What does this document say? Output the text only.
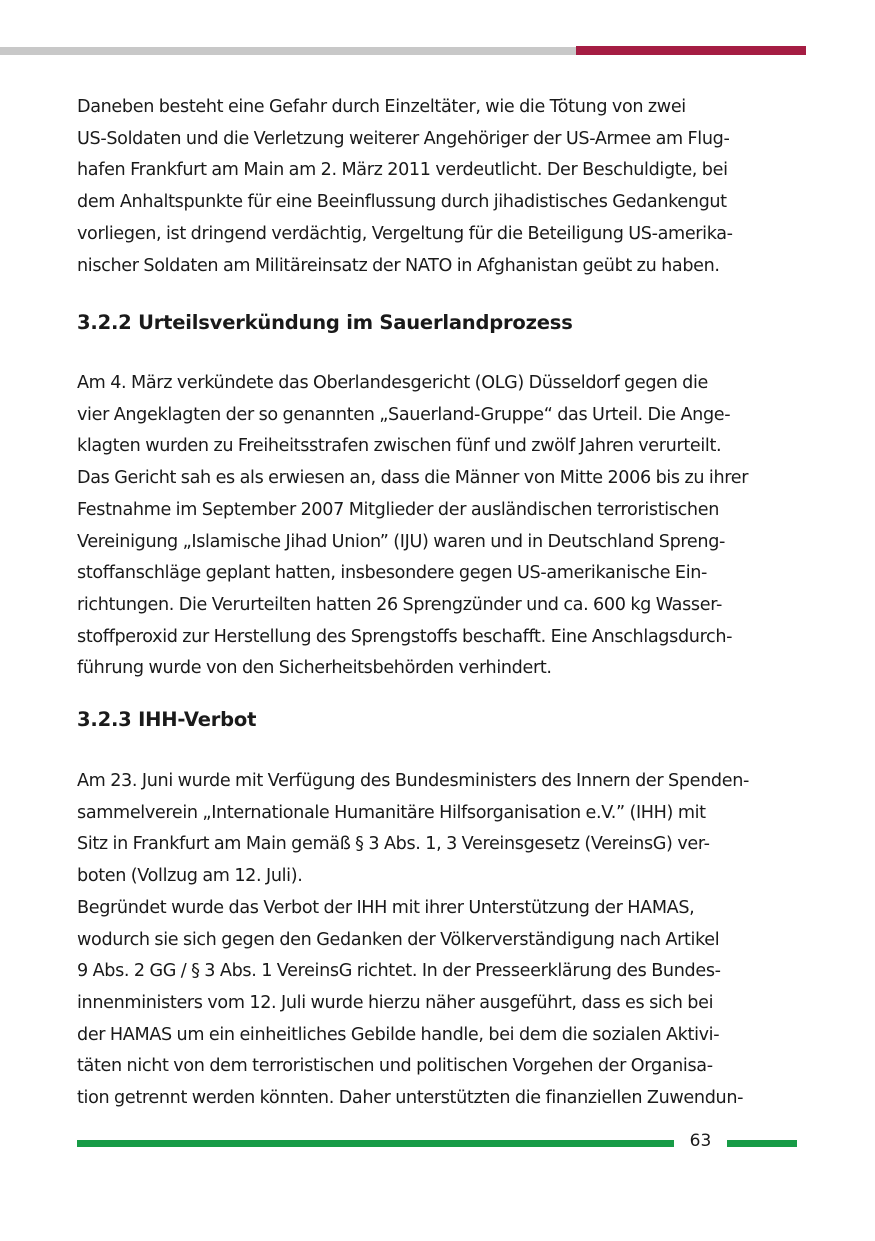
Daneben besteht eine Gefahr durch Einzeltäter, wie die Tötung von zwei
US-Soldaten und die Verletzung weiterer Angehöriger der US-Armee am Flug-
hafen Frankfurt am Main am 2. März 2011 verdeutlicht. Der Beschuldigte, bei
dem Anhaltspunkte für eine Beeinflussung durch jihadistisches Gedankengut
vorliegen, ist dringend verdächtig, Vergeltung für die Beteiligung US-amerika-
nischer Soldaten am Militäreinsatz der NATO in Afghanistan geübt zu haben.

3.2.2 Urteilsverkündung im Sauerlandprozess

Am 4. März verkündete das Oberlandesgericht (OLG) Düsseldorf gegen die
vier Angeklagten der so genannten „Sauerland-Gruppe“ das Urteil. Die Ange-
klagten wurden zu Freiheitsstrafen zwischen fünf und zwölf Jahren verurteilt.
Das Gericht sah es als erwiesen an, dass die Männer von Mitte 2006 bis zu ihrer
Festnahme im September 2007 Mitglieder der ausländischen terroristischen
Vereinigung „Islamische Jihad Union” (IJU) waren und in Deutschland Spreng-
stoffanschläge geplant hatten, insbesondere gegen US-amerikanische Ein-
richtungen. Die Verurteilten hatten 26 Sprengzünder und ca. 600 kg Wasser-
stoffperoxid zur Herstellung des Sprengstoffs beschafft. Eine Anschlagsdurch-
führung wurde von den Sicherheitsbehörden verhindert.

3.2.3 IHH-Verbot

Am 23. Juni wurde mit Verfügung des Bundesministers des Innern der Spenden-
sammelverein „Internationale Humanitäre Hilfsorganisation e.V.” (IHH) mit
Sitz in Frankfurt am Main gemäß § 3 Abs. 1, 3 Vereinsgesetz (VereinsG) ver-
boten (Vollzug am 12. Juli).
Begründet wurde das Verbot der IHH mit ihrer Unterstützung der HAMAS,
wodurch sie sich gegen den Gedanken der Völkerverständigung nach Artikel
9 Abs. 2 GG / § 3 Abs. 1 VereinsG richtet. In der Presseerklärung des Bundes-
innenministers vom 12. Juli wurde hierzu näher ausgeführt, dass es sich bei
der HAMAS um ein einheitliches Gebilde handle, bei dem die sozialen Aktivi-
täten nicht von dem terroristischen und politischen Vorgehen der Organisa-
tion getrennt werden könnten. Daher unterstützten die finanziellen Zuwendun-

63
